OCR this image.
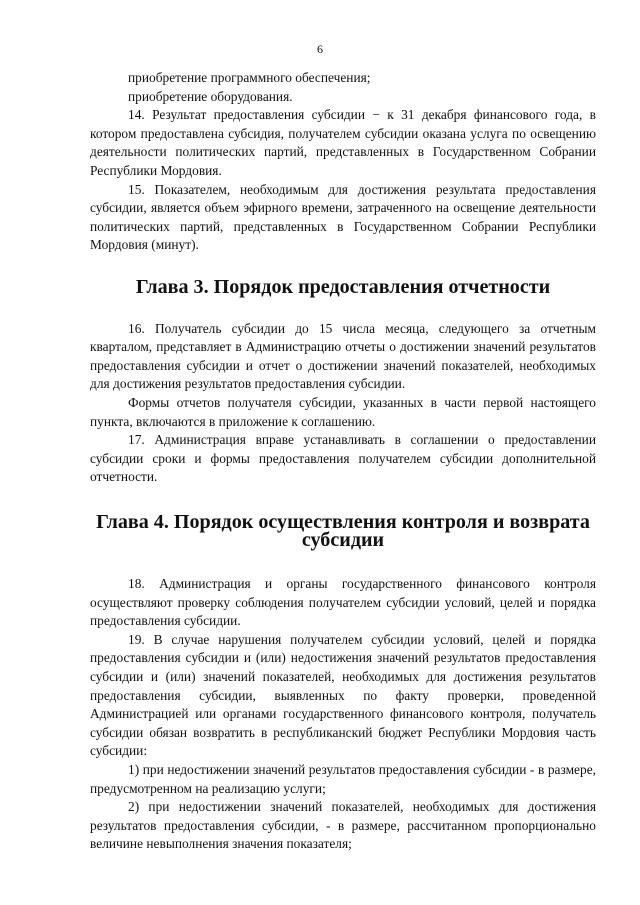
6

приобретение программного обеспечения;

приобретение оборудования.

14. Результат предоставления субсидии − к 31 декабря финансового года, в котором предоставлена субсидия, получателем субсидии оказана услуга по освещению деятельности политических партий, представленных в Государственном Собрании Республики Мордовия.

15. Показателем, необходимым для достижения результата предоставления субсидии, является объем эфирного времени, затраченного на освещение деятельности политических партий, представленных в Государственном Собрании Республики Мордовия (минут).

Глава 3. Порядок предоставления отчетности

16. Получатель субсидии до 15 числа месяца, следующего за отчетным кварталом, представляет в Администрацию отчеты о достижении значений результатов предоставления субсидии и отчет о достижении значений показателей, необходимых для достижения результатов предоставления субсидии.

Формы отчетов получателя субсидии, указанных в части первой настоящего пункта, включаются в приложение к соглашению.

17. Администрация вправе устанавливать в соглашении о предоставлении субсидии сроки и формы предоставления получателем субсидии дополнительной отчетности.

Глава 4. Порядок осуществления контроля и возврата субсидии

18. Администрация и органы государственного финансового контроля осуществляют проверку соблюдения получателем субсидии условий, целей и порядка предоставления субсидии.

19. В случае нарушения получателем субсидии условий, целей и порядка предоставления субсидии и (или) недостижения значений результатов предоставления субсидии и (или) значений показателей, необходимых для достижения результатов предоставления субсидии, выявленных по факту проверки, проведенной Администрацией или органами государственного финансового контроля, получатель субсидии обязан возвратить в республиканский бюджет Республики Мордовия часть субсидии:

1) при недостижении значений результатов предоставления субсидии - в размере, предусмотренном на реализацию услуги;

2) при недостижении значений показателей, необходимых для достижения результатов предоставления субсидии, - в размере, рассчитанном пропорционально величине невыполнения значения показателя;
